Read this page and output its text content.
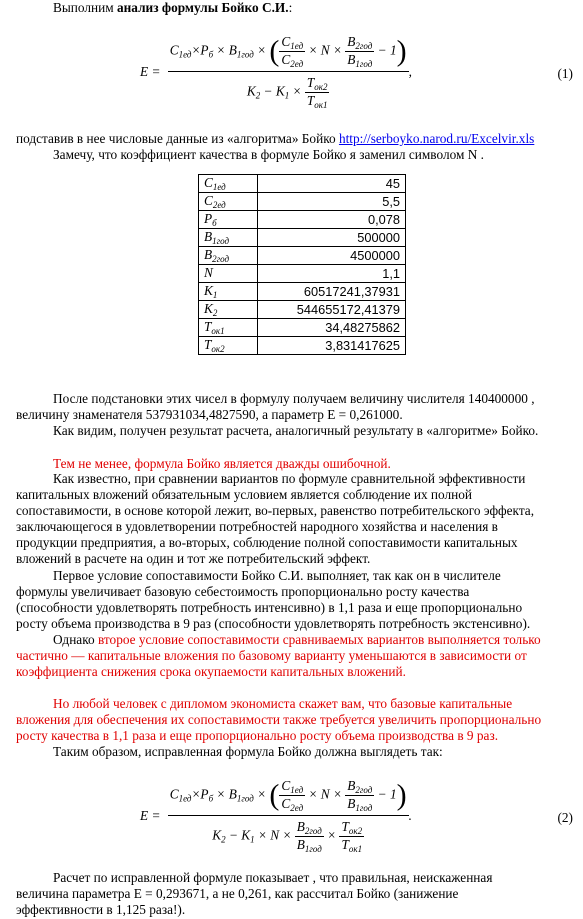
Выполним анализ формулы Бойко С.И.:
E =
$C_{1ед}\times P_б \times B_{1год}$ × ( $\frac{C_{1ед}}{C_{2ед}} \times N \times \frac{B_{2год}}{B_{1год}} - 1$)
$K_2 - K_1 \times \frac{T_{ок2}}{T_{ок1}}$
,	(1)
подставив в нее числовые данные из «алгоритма» Бойко http://serboyko.narod.ru/Excelvir.xls
Замечу, что коэффициент качества в формуле Бойко я заменил символом N .
$C_{1ед}$	45
$C_{2ед}$	5,5
$P_б$	0,078
$B_{1год}$	500000
$B_{2год}$	4500000
N	1,1
$K_1$	60517241,37931
$K_2$	544655172,41379
$T_{ок1}$	34,48275862
$T_{ок2}$	3,831417625
После подстановки этих чисел в формулу получаем величину числителя 140400000 ,
величину знаменателя 537931034,4827590, а параметр E = 0,261000.
Как видим, получен результат расчета, аналогичный результату в «алгоритме» Бойко.
Тем не менее, формула Бойко является дважды ошибочной.
Как известно, при сравнении вариантов по формуле сравнительной эффективности
капитальных вложений обязательным условием является соблюдение их полной
сопоставимости, в основе которой лежит, во-первых, равенство потребительского эффекта,
заключающегося в удовлетворении потребностей народного хозяйства и населения в
продукции предприятия, а во-вторых, соблюдение полной сопоставимости капитальных
вложений в расчете на один и тот же потребительский эффект.
Первое условие сопоставимости Бойко С.И. выполняет, так как он в числителе
формулы увеличивает базовую себестоимость пропорционально росту качества
(способности удовлетворять потребность интенсивно) в 1,1 раза и еще пропорционально
росту объема производства в 9 раз (способности удовлетворять потребность экстенсивно).
Однако второе условие сопоставимости сравниваемых вариантов выполняется только
частично — капитальные вложения по базовому варианту уменьшаются в зависимости от
коэффициента снижения срока окупаемости капитальных вложений.
Но любой человек с дипломом экономиста скажет вам, что базовые капитальные
вложения для обеспечения их сопоставимости также требуется увеличить пропорционально
росту качества в 1,1 раза и еще пропорционально росту объема производства в 9 раз.
Таким образом, исправленная формула Бойко должна выглядеть так:
E =
$C_{1ед}\times P_б \times B_{1год}$ × ( $\frac{C_{1ед}}{C_{2ед}} \times N \times \frac{B_{2год}}{B_{1год}} - 1$)
$K_2 - K_1 \times N \times \frac{B_{2год}}{B_{1год}} \times \frac{T_{ок2}}{T_{ок1}}$
.	(2)
Расчет по исправленной формуле показывает , что правильная, неискаженная
величина параметра E = 0,293671, а не 0,261, как рассчитал Бойко (занижение
эффективности в 1,125 раза!).
